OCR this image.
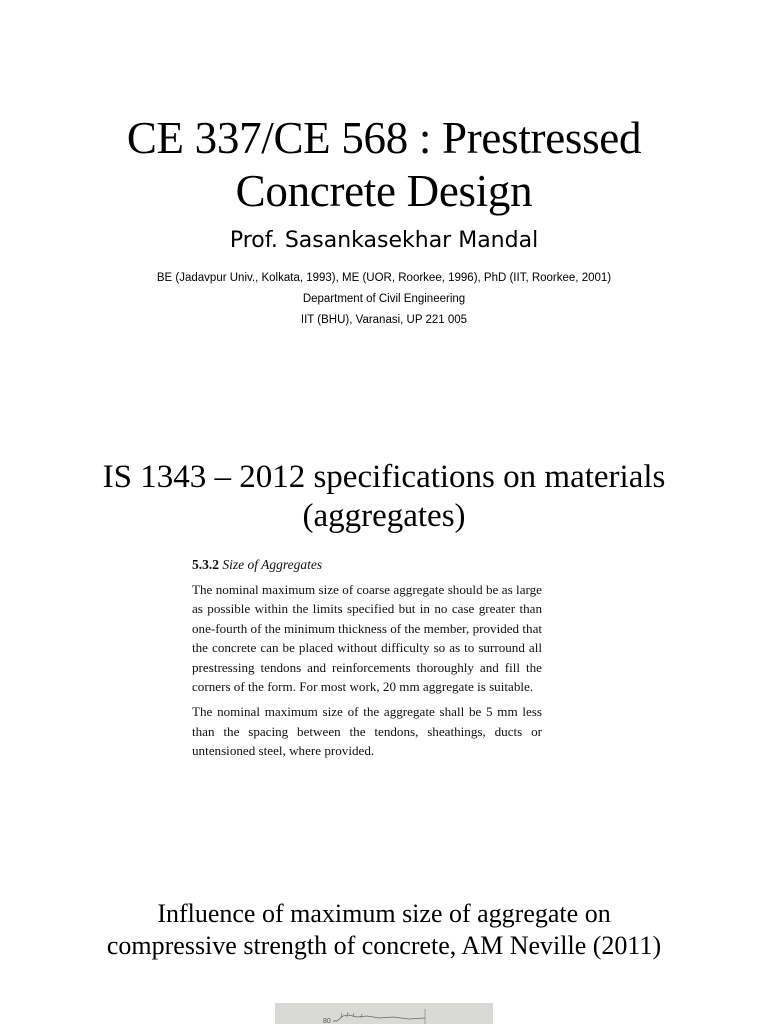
CE 337/CE 568 : Prestressed
Concrete Design
Prof. Sasankasekhar Mandal
BE (Jadavpur Univ., Kolkata, 1993), ME (UOR, Roorkee, 1996), PhD (IIT, Roorkee, 2001)
Department of Civil Engineering
IIT (BHU), Varanasi, UP 221 005
IS 1343 – 2012 specifications on materials
(aggregates)
5.3.2 Size of Aggregates

The nominal maximum size of coarse aggregate should be as large as possible within the limits specified but in no case greater than one-fourth of the minimum thickness of the member, provided that the concrete can be placed without difficulty so as to surround all prestressing tendons and reinforcements thoroughly and fill the corners of the form. For most work, 20 mm aggregate is suitable.

The nominal maximum size of the aggregate shall be 5 mm less than the spacing between the tendons, sheathings, ducts or untensioned steel, where provided.

Influence of maximum size of aggregate on
compressive strength of concrete, AM Neville (2011)
80
